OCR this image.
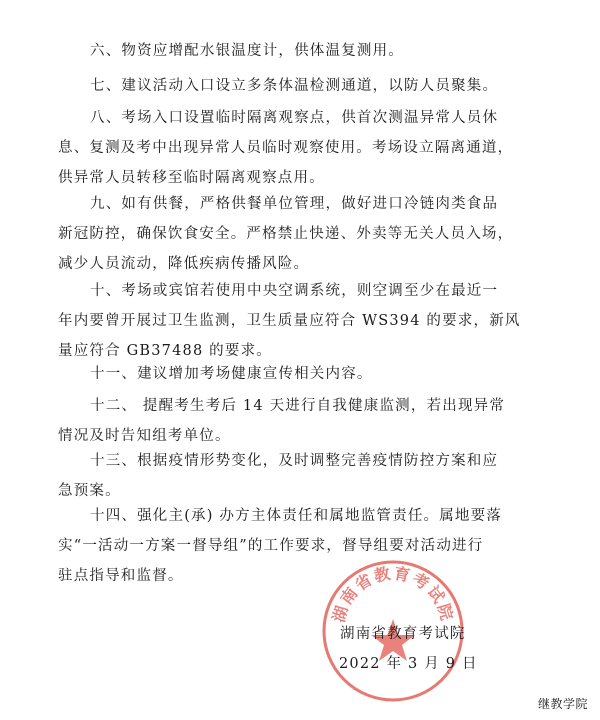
六、物资应增配水银温度计，供体温复测用。

七、建议活动入口设立多条体温检测通道，以防人员聚集。

八、考场入口设置临时隔离观察点，供首次测温异常人员休
息、复测及考中出现异常人员临时观察使用。考场设立隔离通道，
供异常人员转移至临时隔离观察点用。

九、如有供餐，严格供餐单位管理，做好进口冷链肉类食品
新冠防控，确保饮食安全。严格禁止快递、外卖等无关人员入场，
减少人员流动，降低疾病传播风险。

十、考场或宾馆若使用中央空调系统，则空调至少在最近一
年内要曾开展过卫生监测，卫生质量应符合 WS394 的要求，新风
量应符合 GB37488 的要求。

十一、建议增加考场健康宣传相关内容。

十二、 提醒考生考后 14 天进行自我健康监测，若出现异常
情况及时告知组考单位。

十三、根据疫情形势变化，及时调整完善疫情防控方案和应
急预案。

十四、强化主(承) 办方主体责任和属地监管责任。属地要落
实“一活动一方案一督导组”的工作要求，督导组要对活动进行
驻点指导和监督。

湖南省教育考试院
湖南省教育考试院
2022 年 3 月 9 日
继教学院
